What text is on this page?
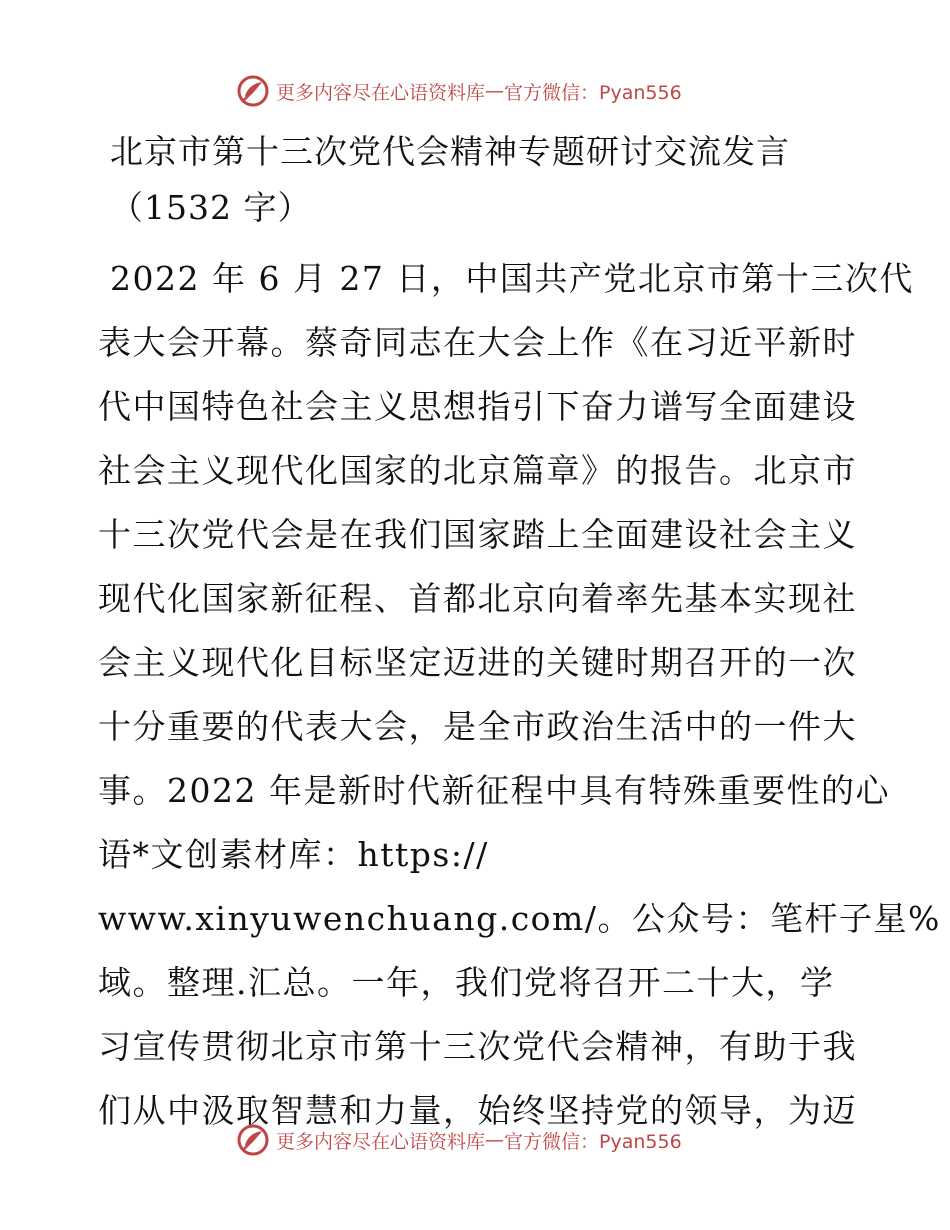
更多内容尽在心语资料库 — 官方微信：Pyan556
北京市第十三次党代会精神专题研讨交流发言
（1532 字）
2022 年 6 月 27 日，中国共产党北京市第十三次代
表大会开幕。蔡奇同志在大会上作《在习近平新时
代中国特色社会主义思想指引下奋力谱写全面建设
社会主义现代化国家的北京篇章》的报告。北京市
十三次党代会是在我们国家踏上全面建设社会主义
现代化国家新征程、首都北京向着率先基本实现社
会主义现代化目标坚定迈进的关键时期召开的一次
十分重要的代表大会，是全市政治生活中的一件大
事。2022 年是新时代新征程中具有特殊重要性的心
语*文创素材库：https://
www.xinyuwenchuang.com/。公众号：笔杆子星%
域。整理.汇总。一年，我们党将召开二十大，学
习宣传贯彻北京市第十三次党代会精神，有助于我
们从中汲取智慧和力量，始终坚持党的领导，为迈
更多内容尽在心语资料库 — 官方微信：Pyan556
